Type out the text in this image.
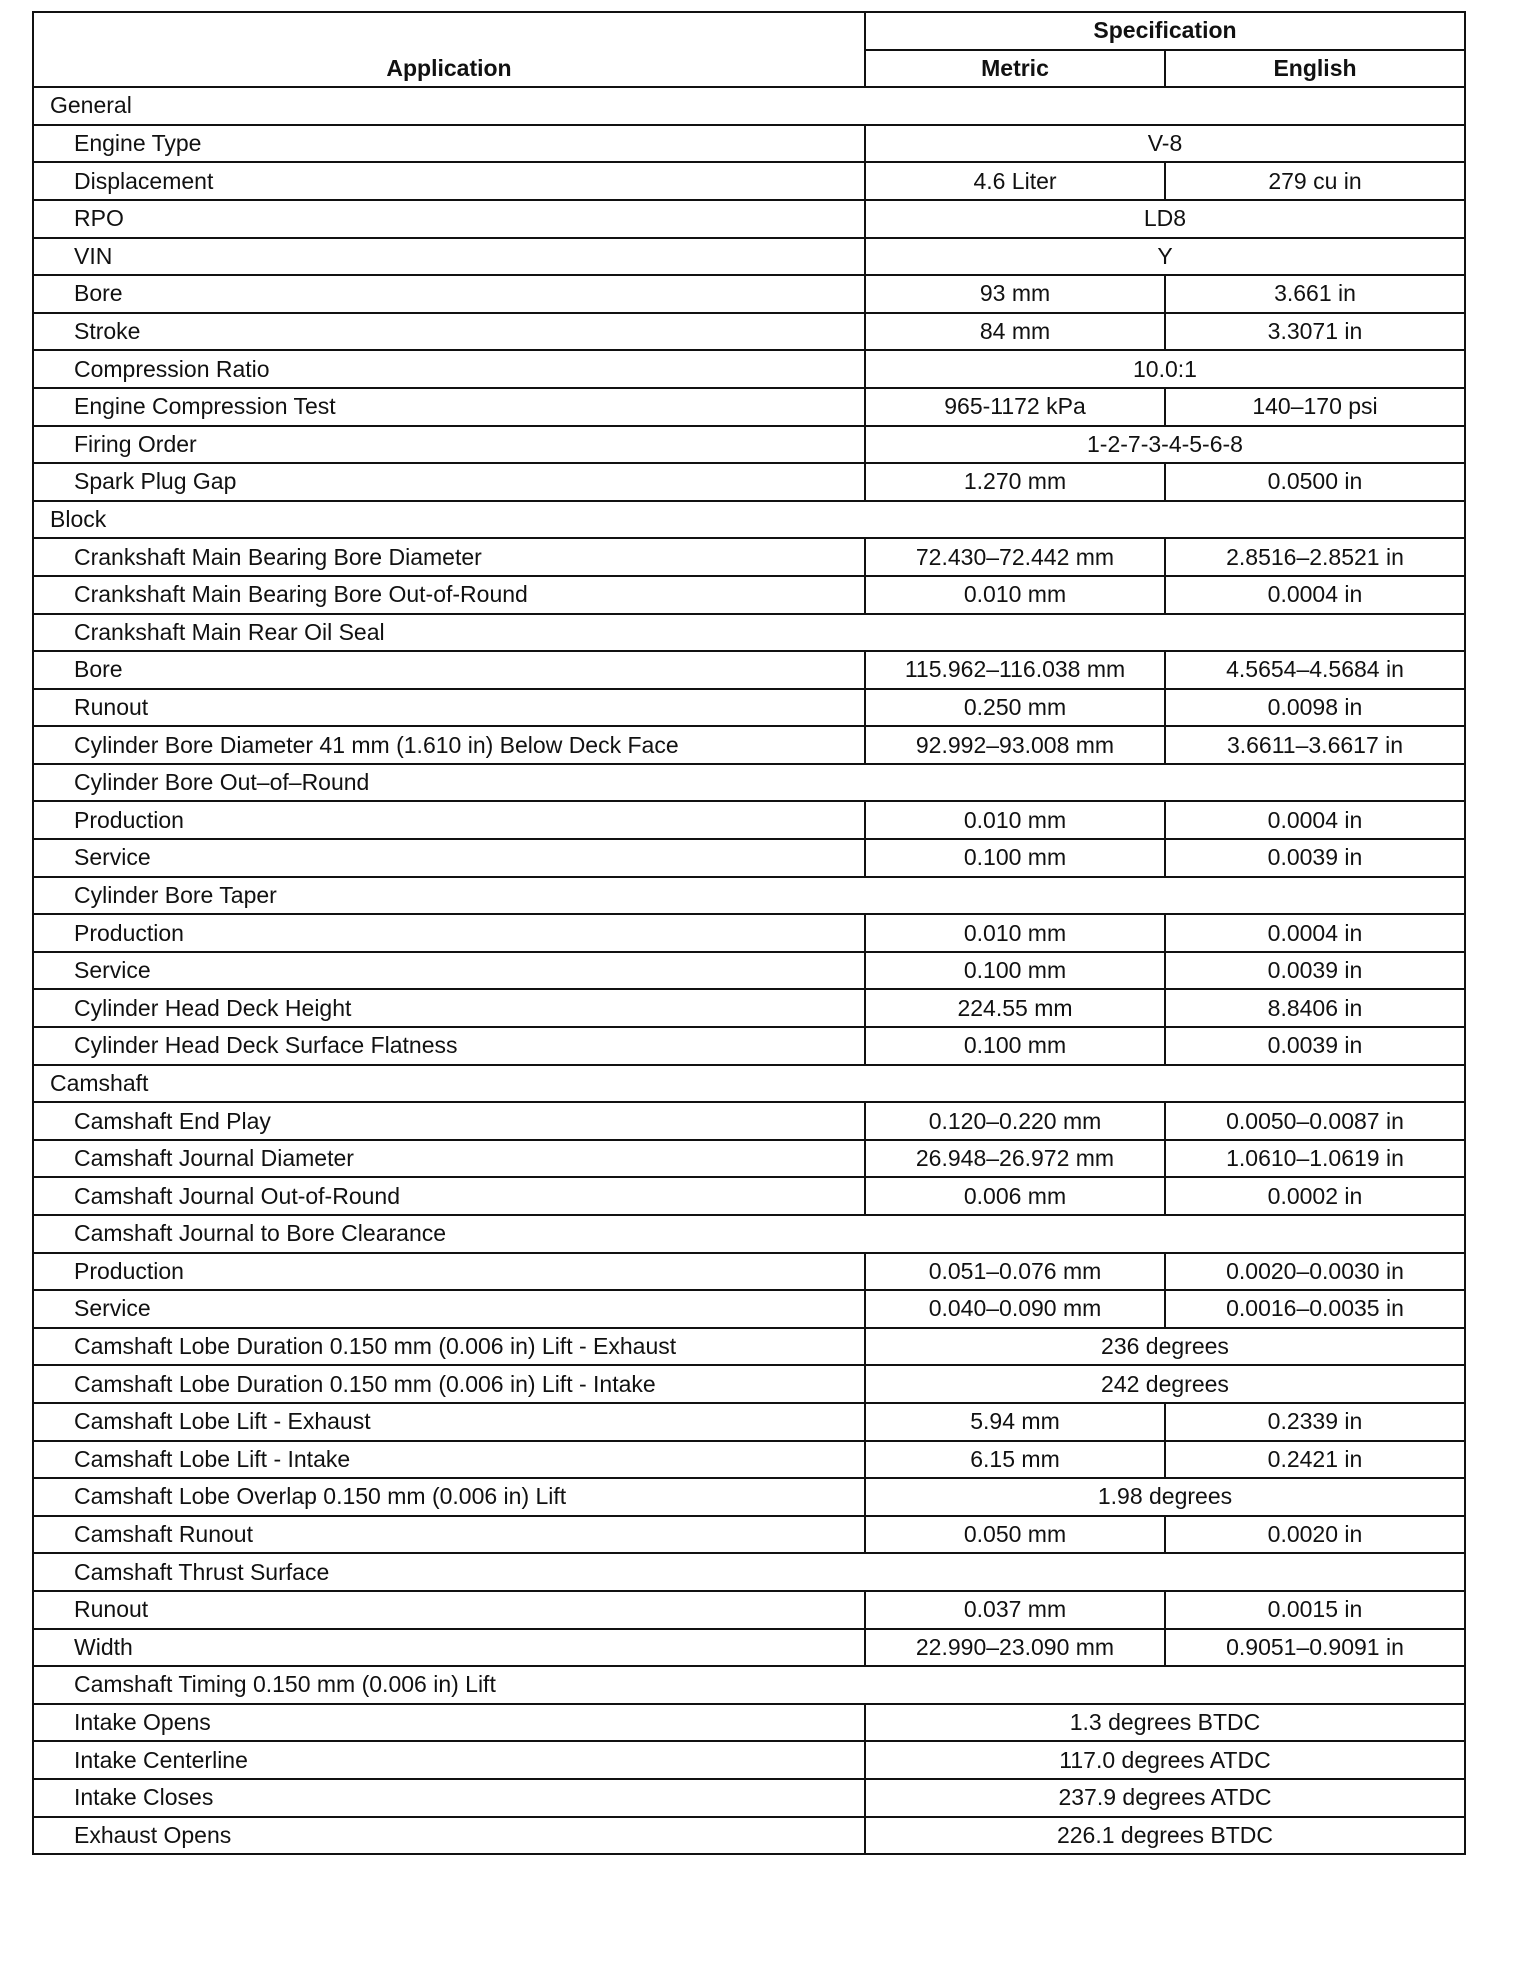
Application	Specification	
	Metric	English
General		
Engine Type	V-8	
Displacement	4.6 Liter	279 cu in
RPO	LD8	
VIN	Y	
Bore	93 mm	3.661 in
Stroke	84 mm	3.3071 in
Compression Ratio	10.0:1	
Engine Compression Test	965-1172 kPa	140–170 psi
Firing Order	1-2-7-3-4-5-6-8	
Spark Plug Gap	1.270 mm	0.0500 in
Block		
Crankshaft Main Bearing Bore Diameter	72.430–72.442 mm	2.8516–2.8521 in
Crankshaft Main Bearing Bore Out-of-Round	0.010 mm	0.0004 in
Crankshaft Main Rear Oil Seal		
Bore	115.962–116.038 mm	4.5654–4.5684 in
Runout	0.250 mm	0.0098 in
Cylinder Bore Diameter 41 mm (1.610 in) Below Deck Face	92.992–93.008 mm	3.6611–3.6617 in
Cylinder Bore Out–of–Round		
Production	0.010 mm	0.0004 in
Service	0.100 mm	0.0039 in
Cylinder Bore Taper		
Production	0.010 mm	0.0004 in
Service	0.100 mm	0.0039 in
Cylinder Head Deck Height	224.55 mm	8.8406 in
Cylinder Head Deck Surface Flatness	0.100 mm	0.0039 in
Camshaft		
Camshaft End Play	0.120–0.220 mm	0.0050–0.0087 in
Camshaft Journal Diameter	26.948–26.972 mm	1.0610–1.0619 in
Camshaft Journal Out-of-Round	0.006 mm	0.0002 in
Camshaft Journal to Bore Clearance		
Production	0.051–0.076 mm	0.0020–0.0030 in
Service	0.040–0.090 mm	0.0016–0.0035 in
Camshaft Lobe Duration 0.150 mm (0.006 in) Lift - Exhaust	236 degrees	
Camshaft Lobe Duration 0.150 mm (0.006 in) Lift - Intake	242 degrees	
Camshaft Lobe Lift - Exhaust	5.94 mm	0.2339 in
Camshaft Lobe Lift - Intake	6.15 mm	0.2421 in
Camshaft Lobe Overlap 0.150 mm (0.006 in) Lift	1.98 degrees	
Camshaft Runout	0.050 mm	0.0020 in
Camshaft Thrust Surface		
Runout	0.037 mm	0.0015 in
Width	22.990–23.090 mm	0.9051–0.9091 in
Camshaft Timing 0.150 mm (0.006 in) Lift		
Intake Opens	1.3 degrees BTDC	
Intake Centerline	117.0 degrees ATDC	
Intake Closes	237.9 degrees ATDC	
Exhaust Opens	226.1 degrees BTDC	
